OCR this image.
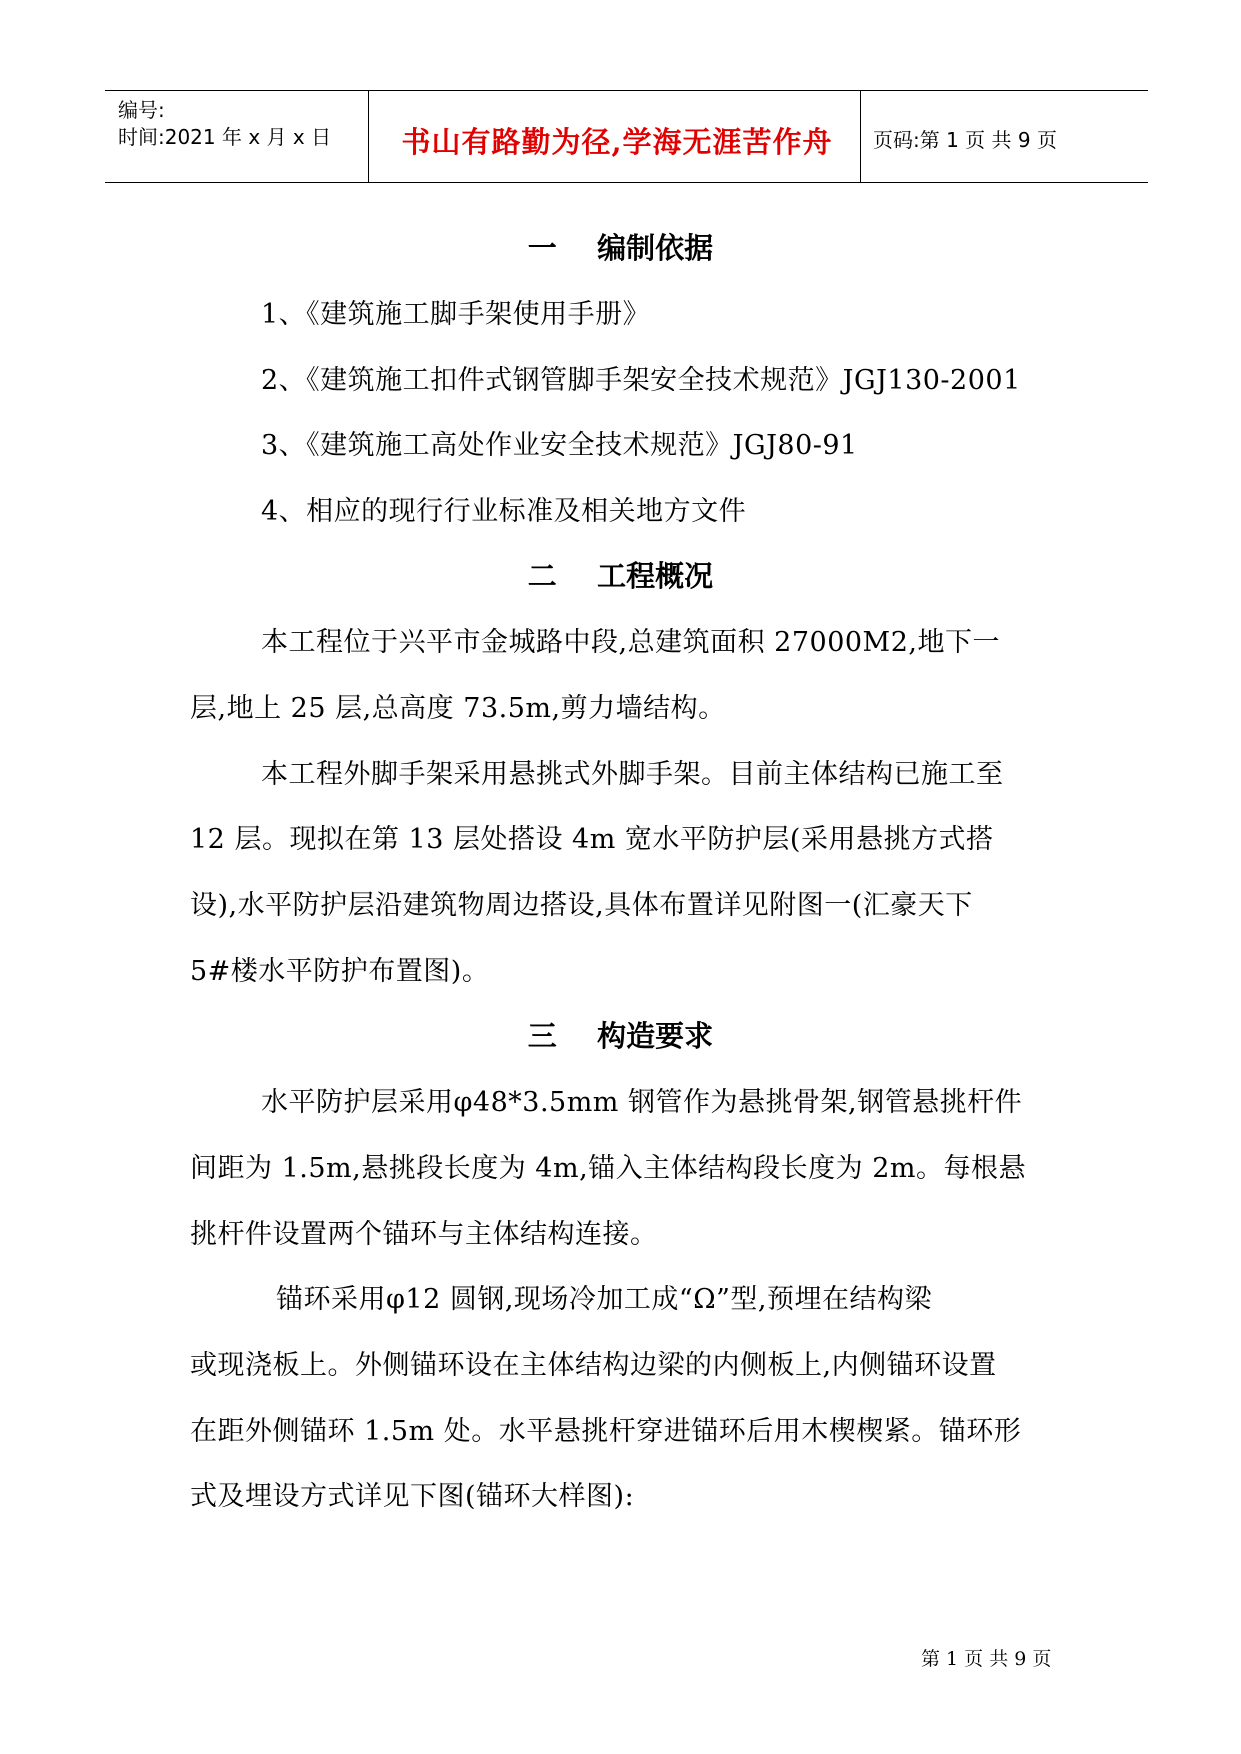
编号:
时间:2021 年 x 月 x 日	书山有路勤为径,学海无涯苦作舟	页码:第 1 页 共 9 页
一    编制依据
1、《建筑施工脚手架使用手册》
2、《建筑施工扣件式钢管脚手架安全技术规范》JGJ130-2001
3、《建筑施工高处作业安全技术规范》JGJ80-91
4、相应的现行行业标准及相关地方文件
二    工程概况
本工程位于兴平市金城路中段,总建筑面积 27000M2,地下一
层,地上 25 层,总高度 73.5m,剪力墙结构。
本工程外脚手架采用悬挑式外脚手架。目前主体结构已施工至
12 层。现拟在第 13 层处搭设 4m 宽水平防护层(采用悬挑方式搭
设),水平防护层沿建筑物周边搭设,具体布置详见附图一(汇豪天下
5#楼水平防护布置图)。
三    构造要求
水平防护层采用φ48*3.5mm 钢管作为悬挑骨架,钢管悬挑杆件
间距为 1.5m,悬挑段长度为 4m,锚入主体结构段长度为 2m。每根悬
挑杆件设置两个锚环与主体结构连接。
锚环采用φ12 圆钢,现场冷加工成“Ω”型,预埋在结构梁
或现浇板上。外侧锚环设在主体结构边梁的内侧板上,内侧锚环设置
在距外侧锚环 1.5m 处。水平悬挑杆穿进锚环后用木楔楔紧。锚环形
式及埋设方式详见下图(锚环大样图):
第 1 页 共 9 页
